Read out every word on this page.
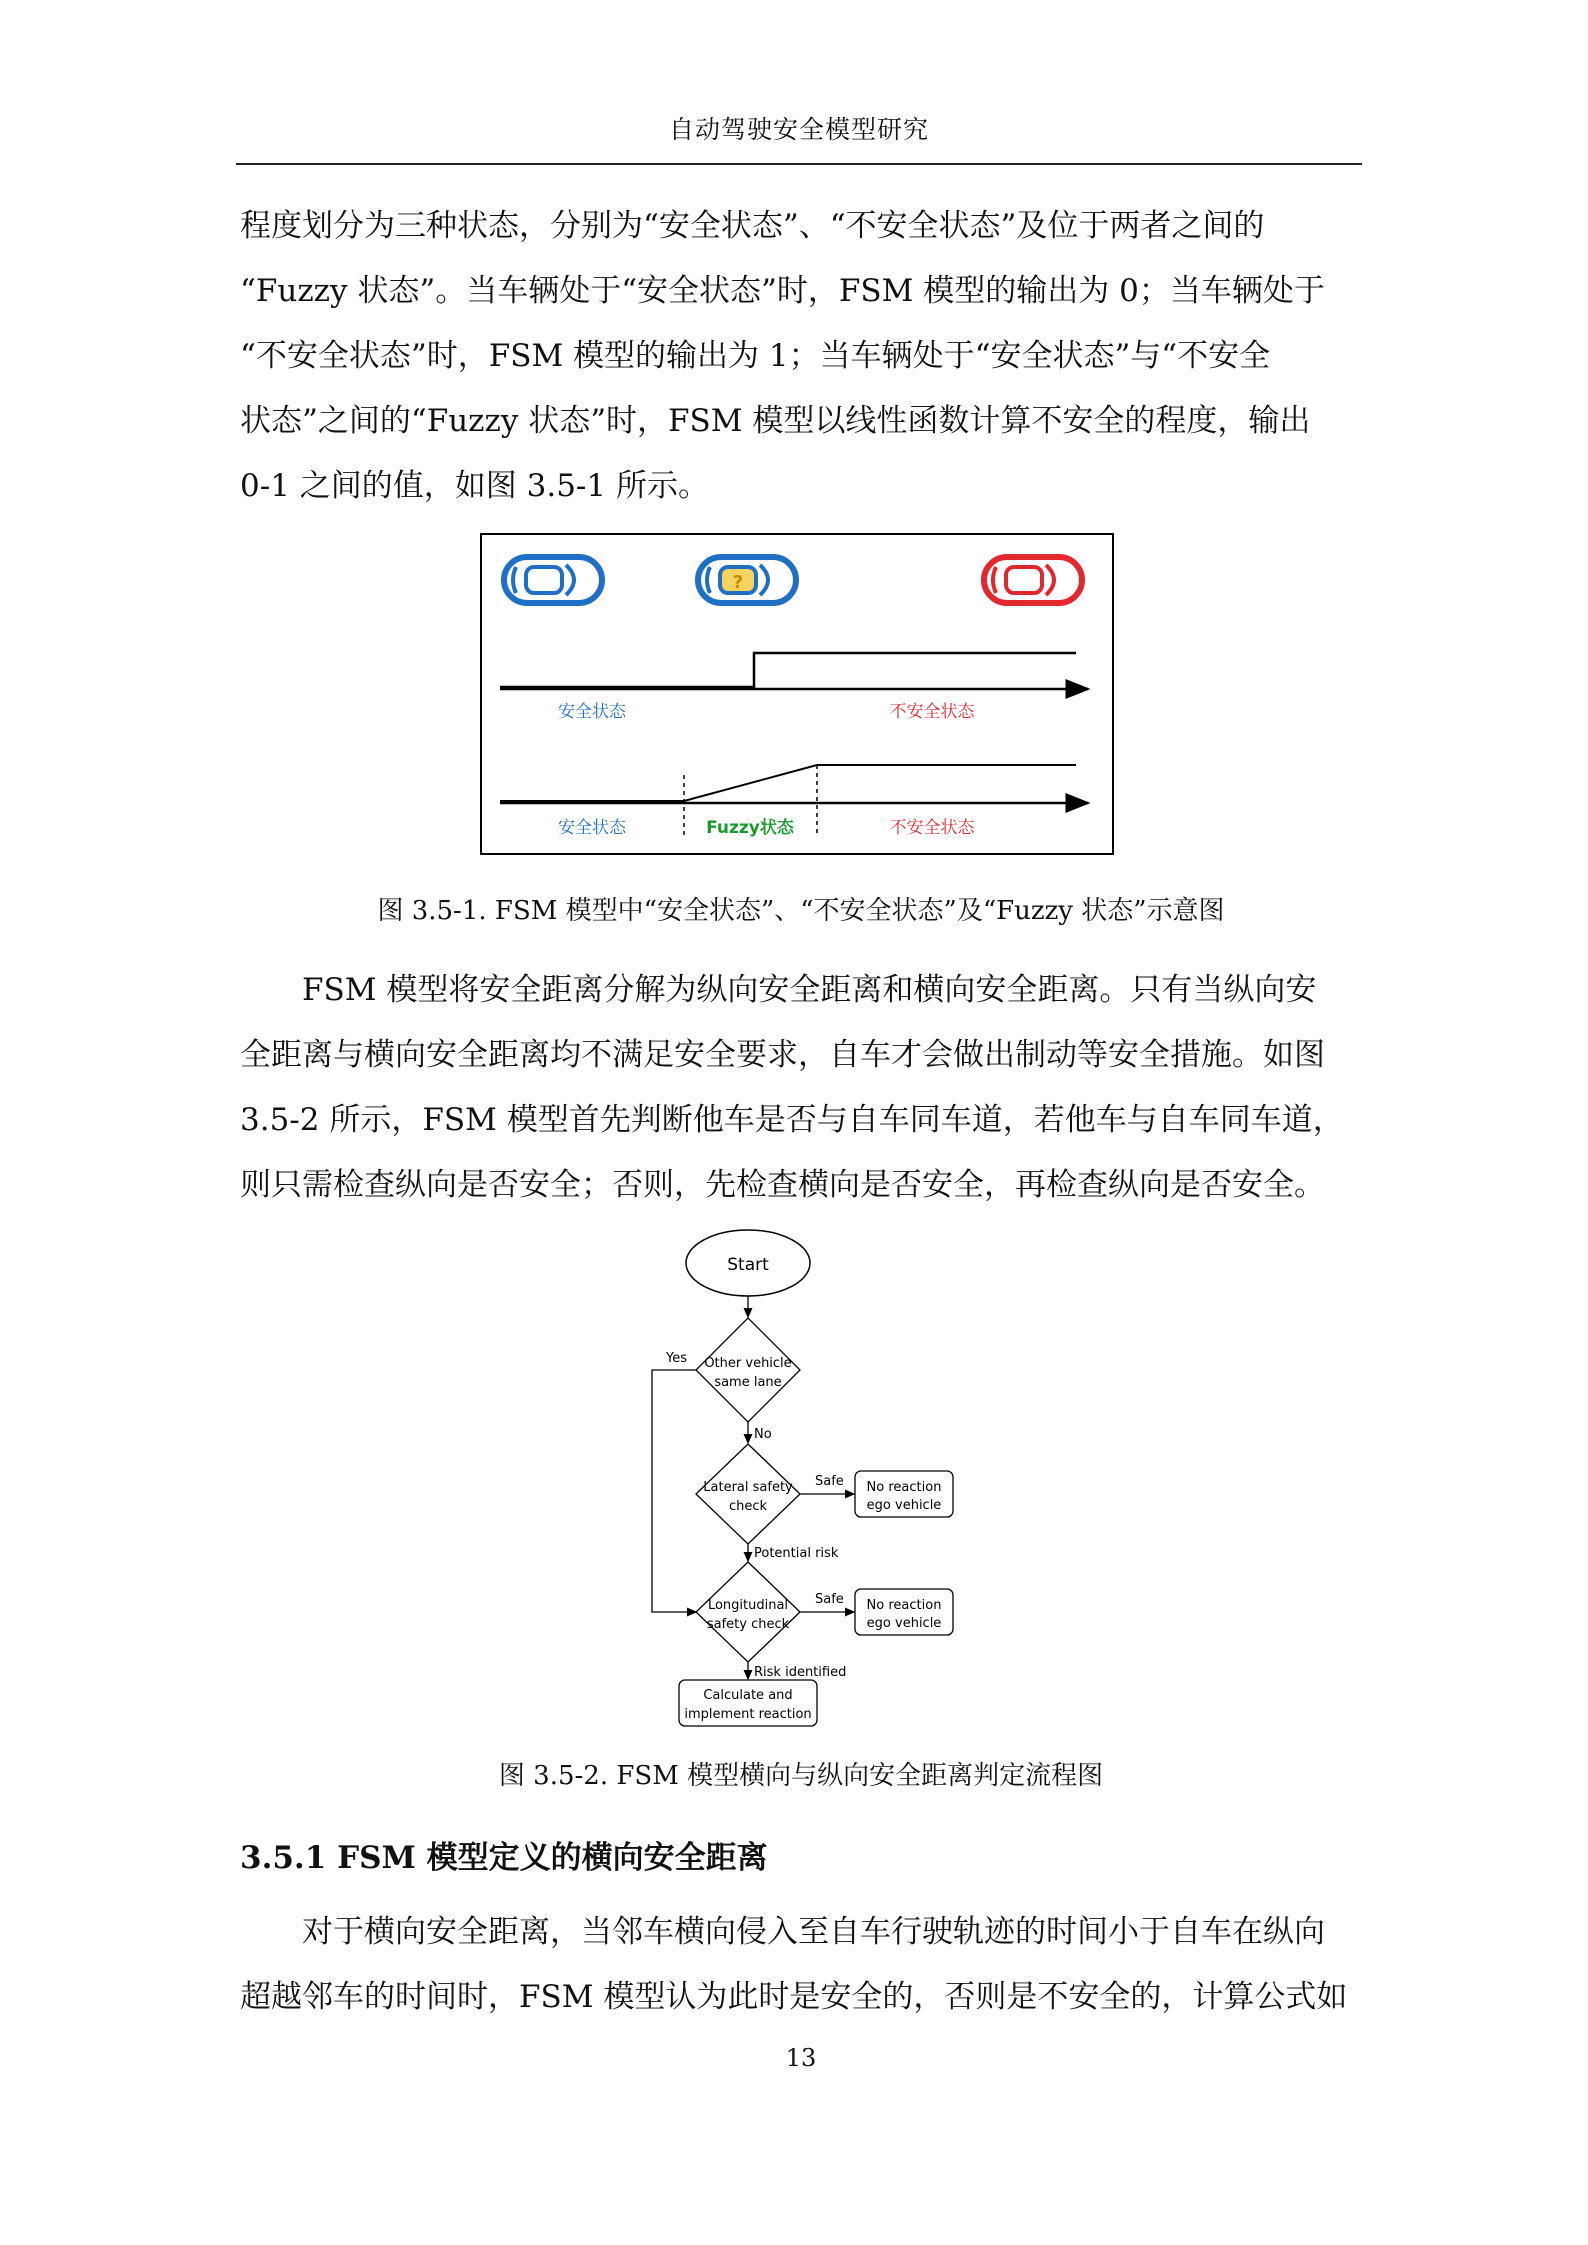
自动驾驶安全模型研究

程度划分为三种状态，分别为“安全状态”、“不安全状态”及位于两者之间的
“Fuzzy 状态”。当车辆处于“安全状态”时，FSM 模型的输出为 0；当车辆处于
“不安全状态”时，FSM 模型的输出为 1；当车辆处于“安全状态”与“不安全
状态”之间的“Fuzzy 状态”时，FSM 模型以线性函数计算不安全的程度，输出
0-1 之间的值，如图 3.5-1 所示。

?
安全状态	不安全状态
安全状态	Fuzzy状态	不安全状态
图 3.5-1. FSM 模型中“安全状态”、“不安全状态”及“Fuzzy 状态”示意图

FSM 模型将安全距离分解为纵向安全距离和横向安全距离。只有当纵向安
全距离与横向安全距离均不满足安全要求，自车才会做出制动等安全措施。如图
3.5-2 所示，FSM 模型首先判断他车是否与自车同车道，若他车与自车同车道，
则只需检查纵向是否安全；否则，先检查横向是否安全，再检查纵向是否安全。

Start
Other vehicle
same lane
Yes
No
Lateral safety
check
Safe No reaction
ego vehicle
Potential risk
Longitudinal
safety check
Safe No reaction
ego vehicle
Risk identified
Calculate and
implement reaction
图 3.5-2. FSM 模型横向与纵向安全距离判定流程图
3.5.1 FSM 模型定义的横向安全距离

对于横向安全距离，当邻车横向侵入至自车行驶轨迹的时间小于自车在纵向
超越邻车的时间时，FSM 模型认为此时是安全的，否则是不安全的，计算公式如

13
